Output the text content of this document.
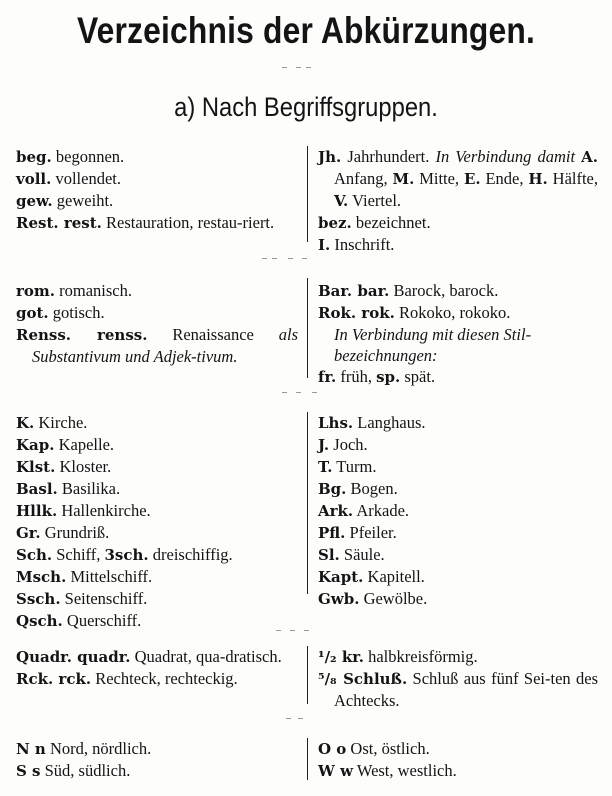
Verzeichnis der Abkürzungen.
a) Nach Begriffsgruppen.

beg. begonnen.

voll. vollendet.

gew. geweiht.

Rest. rest. Restauration, restau-riert.

Jh. Jahrhundert. In Verbindung damit A. Anfang, M. Mitte, E. Ende, H. Hälfte, V. Viertel.

bez. bezeichnet.

I. Inschrift.

rom. romanisch.

got. gotisch.

Renss. renss. Renaissance als Substantivum und Adjek-tivum.

Bar. bar. Barock, barock.

Rok. rok. Rokoko, rokoko.

In Verbindung mit diesen Stil-bezeichnungen:

fr. früh, sp. spät.

K. Kirche.

Kap. Kapelle.

Klst. Kloster.

Basl. Basilika.

Hllk. Hallenkirche.

Gr. Grundriß.

Sch. Schiff, 3sch. dreischiffig.

Msch. Mittelschiff.

Ssch. Seitenschiff.

Qsch. Querschiff.

Lhs. Langhaus.

J. Joch.

T. Turm.

Bg. Bogen.

Ark. Arkade.

Pfl. Pfeiler.

Sl. Säule.

Kapt. Kapitell.

Gwb. Gewölbe.

Quadr. quadr. Quadrat, qua-dratisch.

Rck. rck. Rechteck, rechteckig.

¹/₂ kr. halbkreisförmig.

⁵/₈ Schluß. Schluß aus fünf Sei-ten des Achtecks.

N n Nord, nördlich.

S s Süd, südlich.

O o Ost, östlich.

W w West, westlich.
